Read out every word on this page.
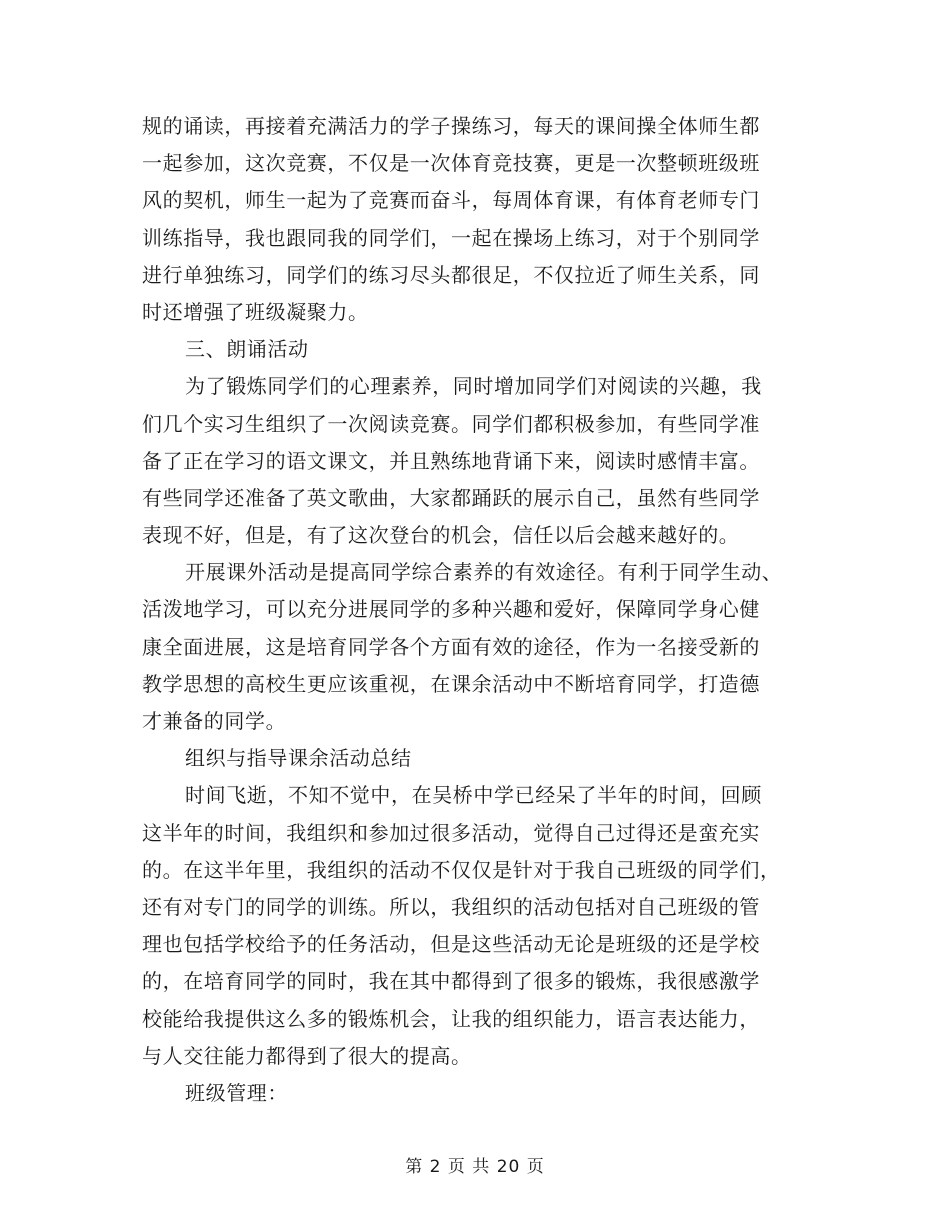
规的诵读，再接着充满活力的学子操练习，每天的课间操全体师生都
一起参加，这次竞赛，不仅是一次体育竞技赛，更是一次整顿班级班
风的契机，师生一起为了竞赛而奋斗，每周体育课，有体育老师专门
训练指导，我也跟同我的同学们，一起在操场上练习，对于个别同学
进行单独练习，同学们的练习尽头都很足，不仅拉近了师生关系，同
时还增强了班级凝聚力。
三、朗诵活动
为了锻炼同学们的心理素养，同时增加同学们对阅读的兴趣，我
们几个实习生组织了一次阅读竞赛。同学们都积极参加，有些同学准
备了正在学习的语文课文，并且熟练地背诵下来，阅读时感情丰富。
有些同学还准备了英文歌曲，大家都踊跃的展示自己，虽然有些同学
表现不好，但是，有了这次登台的机会，信任以后会越来越好的。
开展课外活动是提高同学综合素养的有效途径。有利于同学生动、
活泼地学习，可以充分进展同学的多种兴趣和爱好，保障同学身心健
康全面进展，这是培育同学各个方面有效的途径，作为一名接受新的
教学思想的高校生更应该重视，在课余活动中不断培育同学，打造德
才兼备的同学。
组织与指导课余活动总结
时间飞逝，不知不觉中，在吴桥中学已经呆了半年的时间，回顾
这半年的时间，我组织和参加过很多活动，觉得自己过得还是蛮充实
的。在这半年里，我组织的活动不仅仅是针对于我自己班级的同学们，
还有对专门的同学的训练。所以，我组织的活动包括对自己班级的管
理也包括学校给予的任务活动，但是这些活动无论是班级的还是学校
的，在培育同学的同时，我在其中都得到了很多的锻炼，我很感激学
校能给我提供这么多的锻炼机会，让我的组织能力，语言表达能力，
与人交往能力都得到了很大的提高。
班级管理：
第 2 页 共 20 页
